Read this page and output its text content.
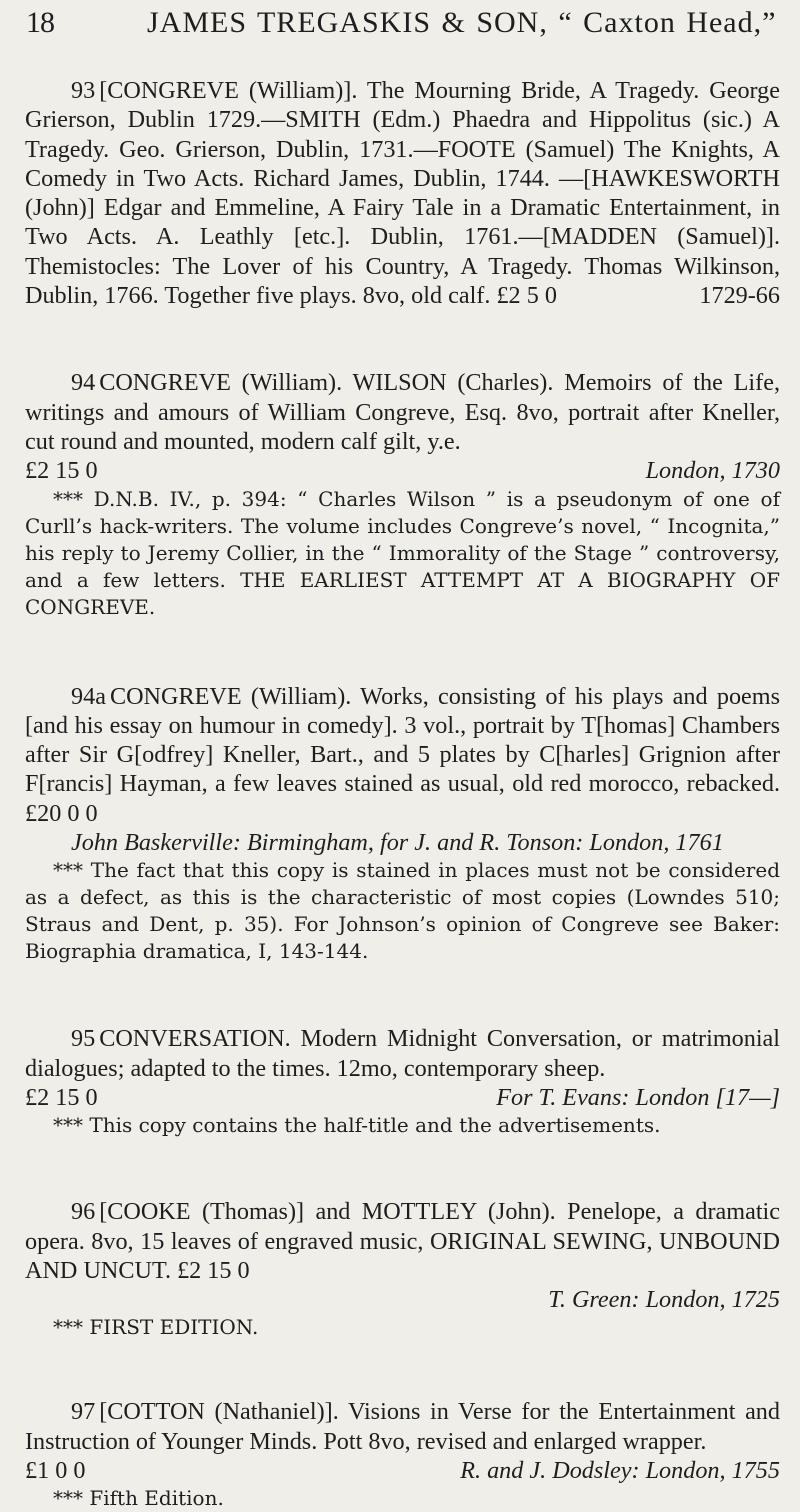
18	JAMES TREGASKIS & SON, “ Caxton Head,”

93 [CONGREVE (William)]. The Mourning Bride, A Tragedy. George Grierson, Dublin 1729.—SMITH (Edm.) Phaedra and Hippolitus (sic.) A Tragedy. Geo. Grierson, Dublin, 1731.—FOOTE (Samuel) The Knights, A Comedy in Two Acts. Richard James, Dublin, 1744. —[HAWKESWORTH (John)] Edgar and Emmeline, A Fairy Tale in a Dramatic Entertainment, in Two Acts. A. Leathly [etc.]. Dublin, 1761.—[MADDEN (Samuel)]. Themistocles: The Lover of his Country, A Tragedy. Thomas Wilkinson, Dublin, 1766. Together five plays. 8vo, old calf. £2 5 0	1729-66

94 CONGREVE (William). WILSON (Charles). Memoirs of the Life, writings and amours of William Congreve, Esq. 8vo, portrait after Kneller, cut round and mounted, modern calf gilt, y.e.

£2 15 0	London, 1730

*** D.N.B. IV., p. 394: “ Charles Wilson ” is a pseudonym of one of Curll’s hack-writers. The volume includes Congreve’s novel, “ Incognita,” his reply to Jeremy Collier, in the “ Immorality of the Stage ” controversy, and a few letters. THE EARLIEST ATTEMPT AT A BIOGRAPHY OF CONGREVE.

94a CONGREVE (William). Works, consisting of his plays and poems [and his essay on humour in comedy]. 3 vol., portrait by T[homas] Chambers after Sir G[odfrey] Kneller, Bart., and 5 plates by C[harles] Grignion after F[rancis] Hayman, a few leaves stained as usual, old red morocco, rebacked. £20 0 0

John Baskerville: Birmingham, for J. and R. Tonson: London, 1761

*** The fact that this copy is stained in places must not be considered as a defect, as this is the characteristic of most copies (Lowndes 510; Straus and Dent, p. 35). For Johnson’s opinion of Congreve see Baker: Biographia dramatica, I, 143-144.

95 CONVERSATION. Modern Midnight Conversation, or matrimonial dialogues; adapted to the times. 12mo, contemporary sheep.

£2 15 0	For T. Evans: London [17—]

*** This copy contains the half-title and the advertisements.

96 [COOKE (Thomas)] and MOTTLEY (John). Penelope, a dramatic opera. 8vo, 15 leaves of engraved music, ORIGINAL SEWING, UNBOUND AND UNCUT. £2 15 0

T. Green: London, 1725

*** FIRST EDITION.

97 [COTTON (Nathaniel)]. Visions in Verse for the Entertainment and Instruction of Younger Minds. Pott 8vo, revised and enlarged wrapper.

£1 0 0	R. and J. Dodsley: London, 1755

*** Fifth Edition.
